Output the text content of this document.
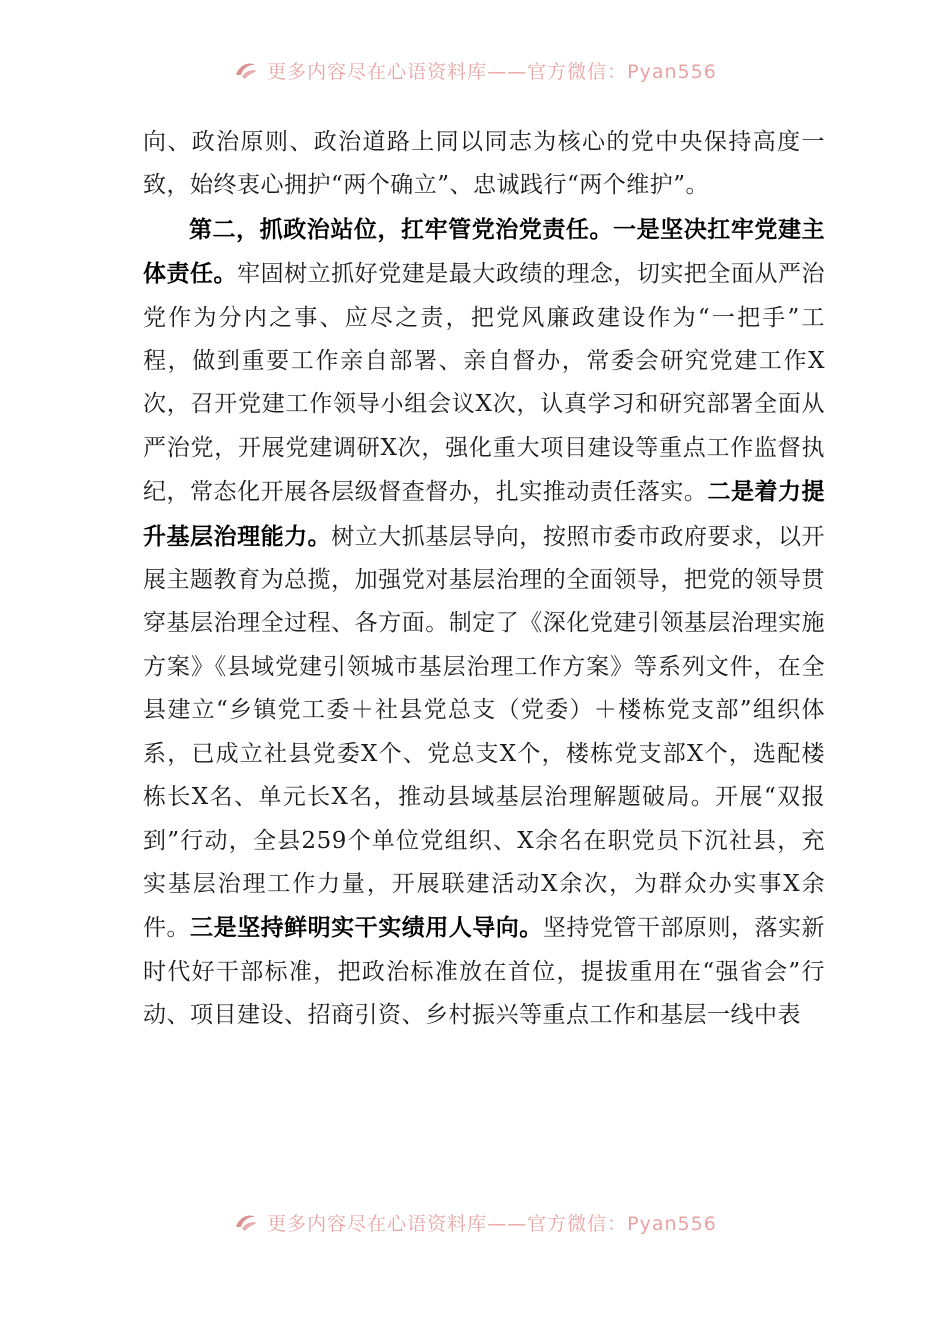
更多内容尽在心语资料库——官方微信：Pyan556

向、政治原则、政治道路上同以同志为核心的党中央保持高度一致，始终衷心拥护“两个确立”、忠诚践行“两个维护”。

第二，抓政治站位，扛牢管党治党责任。一是坚决扛牢党建主体责任。牢固树立抓好党建是最大政绩的理念，切实把全面从严治党作为分内之事、应尽之责，把党风廉政建设作为“一把手”工程，做到重要工作亲自部署、亲自督办，常委会研究党建工作X次，召开党建工作领导小组会议X次，认真学习和研究部署全面从严治党，开展党建调研X次，强化重大项目建设等重点工作监督执纪，常态化开展各层级督查督办，扎实推动责任落实。二是着力提升基层治理能力。树立大抓基层导向，按照市委市政府要求，以开展主题教育为总揽，加强党对基层治理的全面领导，把党的领导贯穿基层治理全过程、各方面。制定了《深化党建引领基层治理实施方案》《县域党建引领城市基层治理工作方案》等系列文件，在全县建立“乡镇党工委＋社县党总支（党委）＋楼栋党支部”组织体系，已成立社县党委X个、党总支X个，楼栋党支部X个，选配楼栋长X名、单元长X名，推动县域基层治理解题破局。开展“双报到”行动，全县259个单位党组织、X余名在职党员下沉社县，充实基层治理工作力量，开展联建活动X余次，为群众办实事X余件。三是坚持鲜明实干实绩用人导向。坚持党管干部原则，落实新时代好干部标准，把政治标准放在首位，提拔重用在“强省会”行动、项目建设、招商引资、乡村振兴等重点工作和基层一线中表

更多内容尽在心语资料库——官方微信：Pyan556
